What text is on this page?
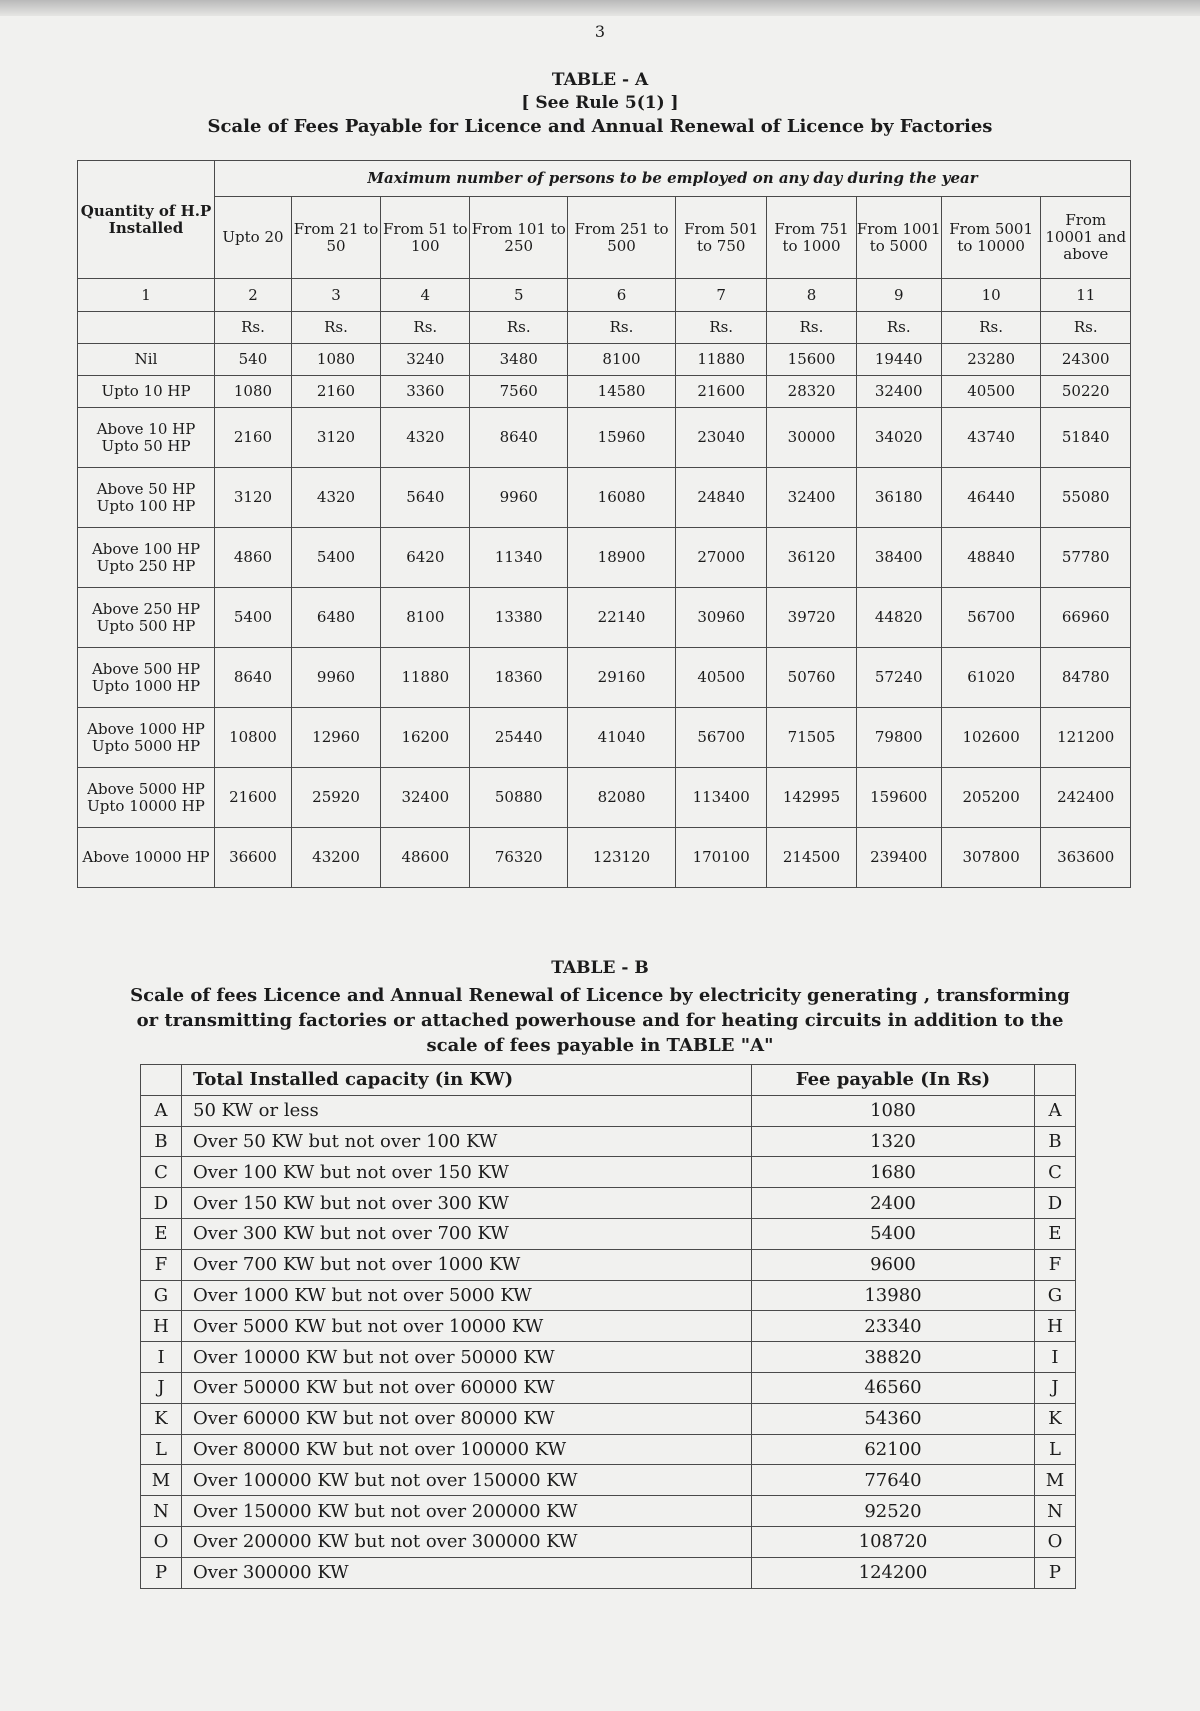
3
TABLE - A
[ See Rule 5(1) ]
Scale of Fees Payable for Licence and Annual Renewal of Licence by Factories
Quantity of H.P Installed	Maximum number of persons to be employed on any day during the year									
	Upto 20	From 21 to 50	From 51 to 100	From 101 to 250	From 251 to 500	From 501 to 750	From 751 to 1000	From 1001 to 5000	From 5001 to 10000	From 10001 and above
1	2	3	4	5	6	7	8	9	10	11
	Rs.	Rs.	Rs.	Rs.	Rs.	Rs.	Rs.	Rs.	Rs.	Rs.
Nil	540	1080	3240	3480	8100	11880	15600	19440	23280	24300
Upto 10 HP	1080	2160	3360	7560	14580	21600	28320	32400	40500	50220
Above 10 HP Upto 50 HP	2160	3120	4320	8640	15960	23040	30000	34020	43740	51840
Above 50 HP Upto 100 HP	3120	4320	5640	9960	16080	24840	32400	36180	46440	55080
Above 100 HP Upto 250 HP	4860	5400	6420	11340	18900	27000	36120	38400	48840	57780
Above 250 HP Upto 500 HP	5400	6480	8100	13380	22140	30960	39720	44820	56700	66960
Above 500 HP Upto 1000 HP	8640	9960	11880	18360	29160	40500	50760	57240	61020	84780
Above 1000 HP Upto 5000 HP	10800	12960	16200	25440	41040	56700	71505	79800	102600	121200
Above 5000 HP Upto 10000 HP	21600	25920	32400	50880	82080	113400	142995	159600	205200	242400
Above 10000 HP	36600	43200	48600	76320	123120	170100	214500	239400	307800	363600
TABLE - B
Scale of fees Licence and Annual Renewal of Licence by electricity generating , transforming
or transmitting factories or attached powerhouse and for heating circuits in addition to the
scale of fees payable in TABLE "A"
	Total Installed capacity (in KW)	Fee payable (In Rs)	
A	50 KW or less	1080	A
B	Over 50 KW but not over 100 KW	1320	B
C	Over 100 KW but not over 150 KW	1680	C
D	Over 150 KW but not over 300 KW	2400	D
E	Over 300 KW but not over 700 KW	5400	E
F	Over 700 KW but not over 1000 KW	9600	F
G	Over 1000 KW but not over 5000 KW	13980	G
H	Over 5000 KW but not over 10000 KW	23340	H
I	Over 10000 KW but not over 50000 KW	38820	I
J	Over 50000 KW but not over 60000 KW	46560	J
K	Over 60000 KW but not over 80000 KW	54360	K
L	Over 80000 KW but not over 100000 KW	62100	L
M	Over 100000 KW but not over 150000 KW	77640	M
N	Over 150000 KW but not over 200000 KW	92520	N
O	Over 200000 KW but not over 300000 KW	108720	O
P	Over 300000 KW	124200	P
